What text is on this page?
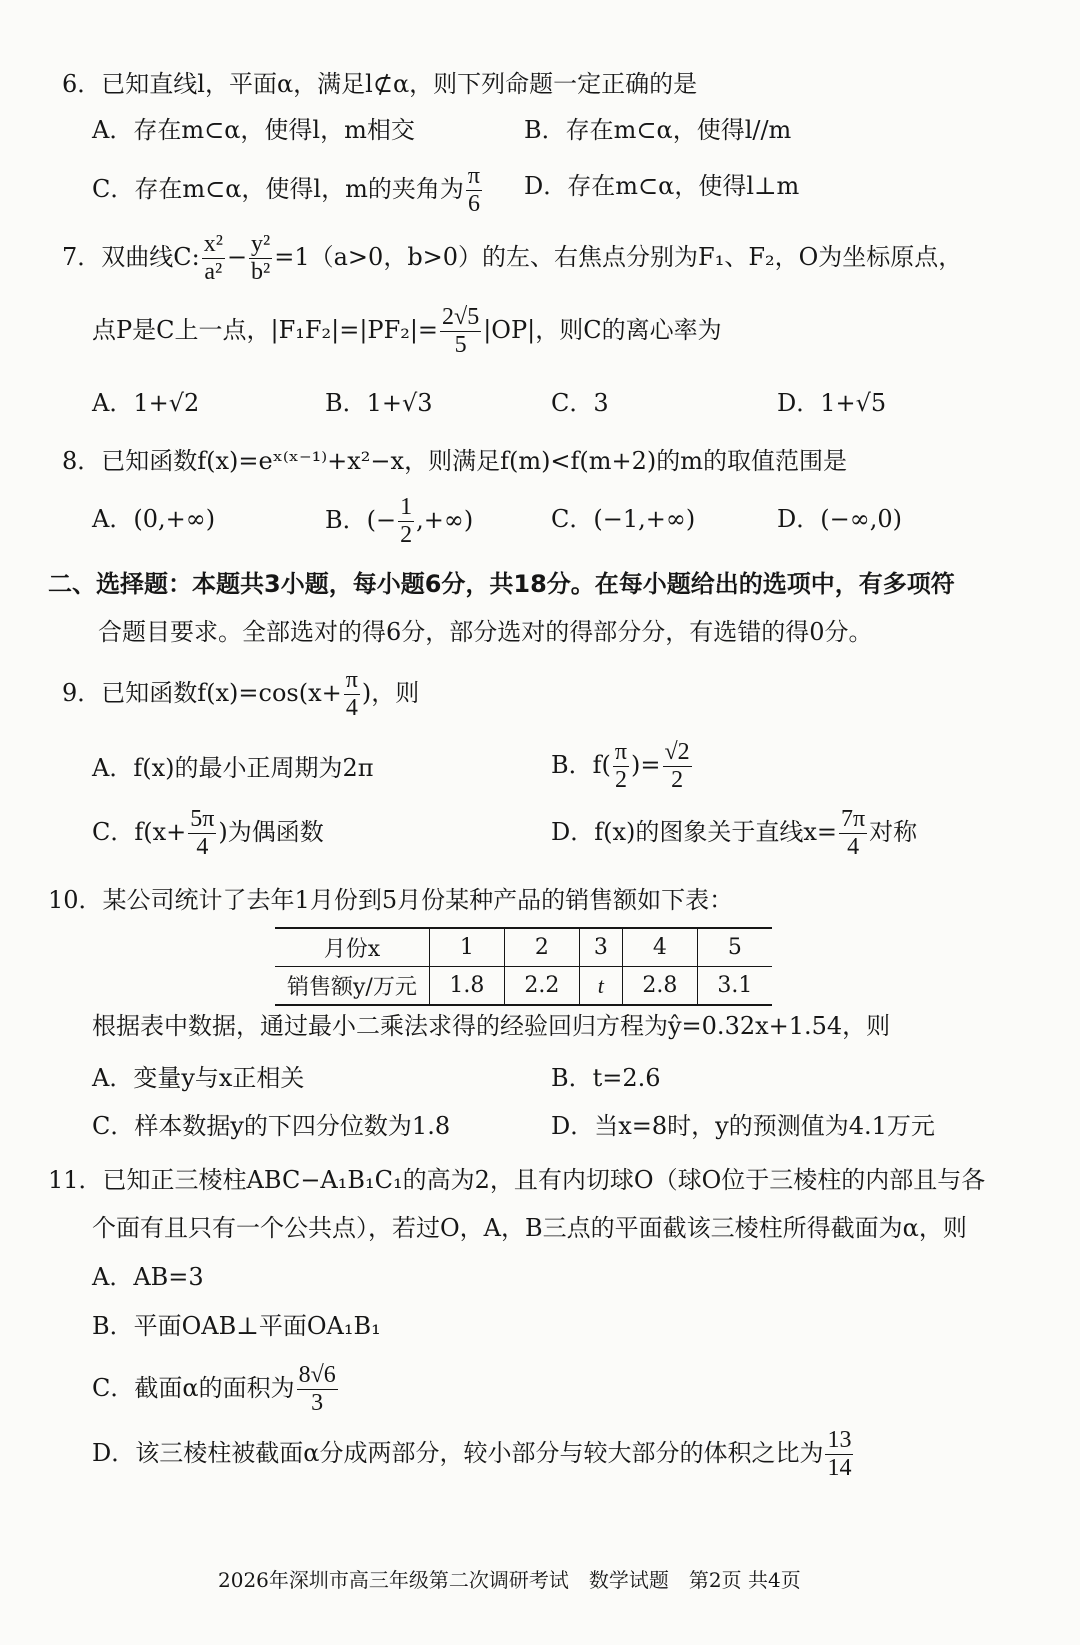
6．已知直线l，平面α，满足l⊄α，则下列命题一定正确的是
A．存在m⊂α，使得l，m相交	B．存在m⊂α，使得l//m
C．存在m⊂α，使得l，m的夹角为 $\frac{\pi}{6}$ D．存在m⊂α，使得l⊥m
7．双曲线C: $\frac{\text{x²}}{\text{a²}} - \frac{\text{y²}}{\text{b²}} =1(a>0$，b>0）的左、右焦点分别为F₁、F₂，O为坐标原点，
点P是C上一点，$|F_1F_2|=|PF_2|= \frac{2√5}{5} |OP|$，则C的离心率为
A．1+√2	B．1+√3	C．3	D．1+√5
8．已知函数f(x)=eˣ⁽ˣ⁻¹⁾+x²−x，则满足f(m)<f(m+2)的m的取值范围是
A．(0,+∞)	B．(− $\frac{1}{2}$ ,+∞)	C．(−1,+∞)	D．(−∞,0)
二、选择题：本题共3小题，每小题6分，共18分。在每小题给出的选项中，有多项符
合题目要求。全部选对的得6分，部分选对的得部分分，有选错的得0分。
9．已知函数$f(x)=\cos(x+ \frac{\pi}{4}$ )，则
A．f(x)的最小正周期为2π	B．$f( \frac{\pi}{2}$ )= $\frac{√2}{2}$
C．$f(x+ \frac{5\pi}{4}$ )为偶函数	D．f(x)的图象关于直线$x= \frac{7\pi}{4}$ 对称
10．某公司统计了去年1月份到5月份某种产品的销售额如下表：
月份x	1	2	3	4	5
销售额y/万元	1.8	2.2	t	2.8	3.1
根据表中数据，通过最小二乘法求得的经验回归方程为ŷ=0.32x+1.54，则
A．变量y与x正相关	B．t=2.6
C．样本数据y的下四分位数为1.8	D．当x=8时，y的预测值为4.1万元
11．已知正三棱柱ABC−A₁B₁C₁的高为2，且有内切球O（球O位于三棱柱的内部且与各
个面有且只有一个公共点），若过O，A，B三点的平面截该三棱柱所得截面为α，则
A．AB=3
B．平面OAB⊥平面OA₁B₁
C．截面α的面积为 $\frac{8√6}{3}$
D．该三棱柱被截面α分成两部分，较小部分与较大部分的体积之比为 $\frac{13}{14}$
2026年深圳市高三年级第二次调研考试　数学试题　第2页 共4页
